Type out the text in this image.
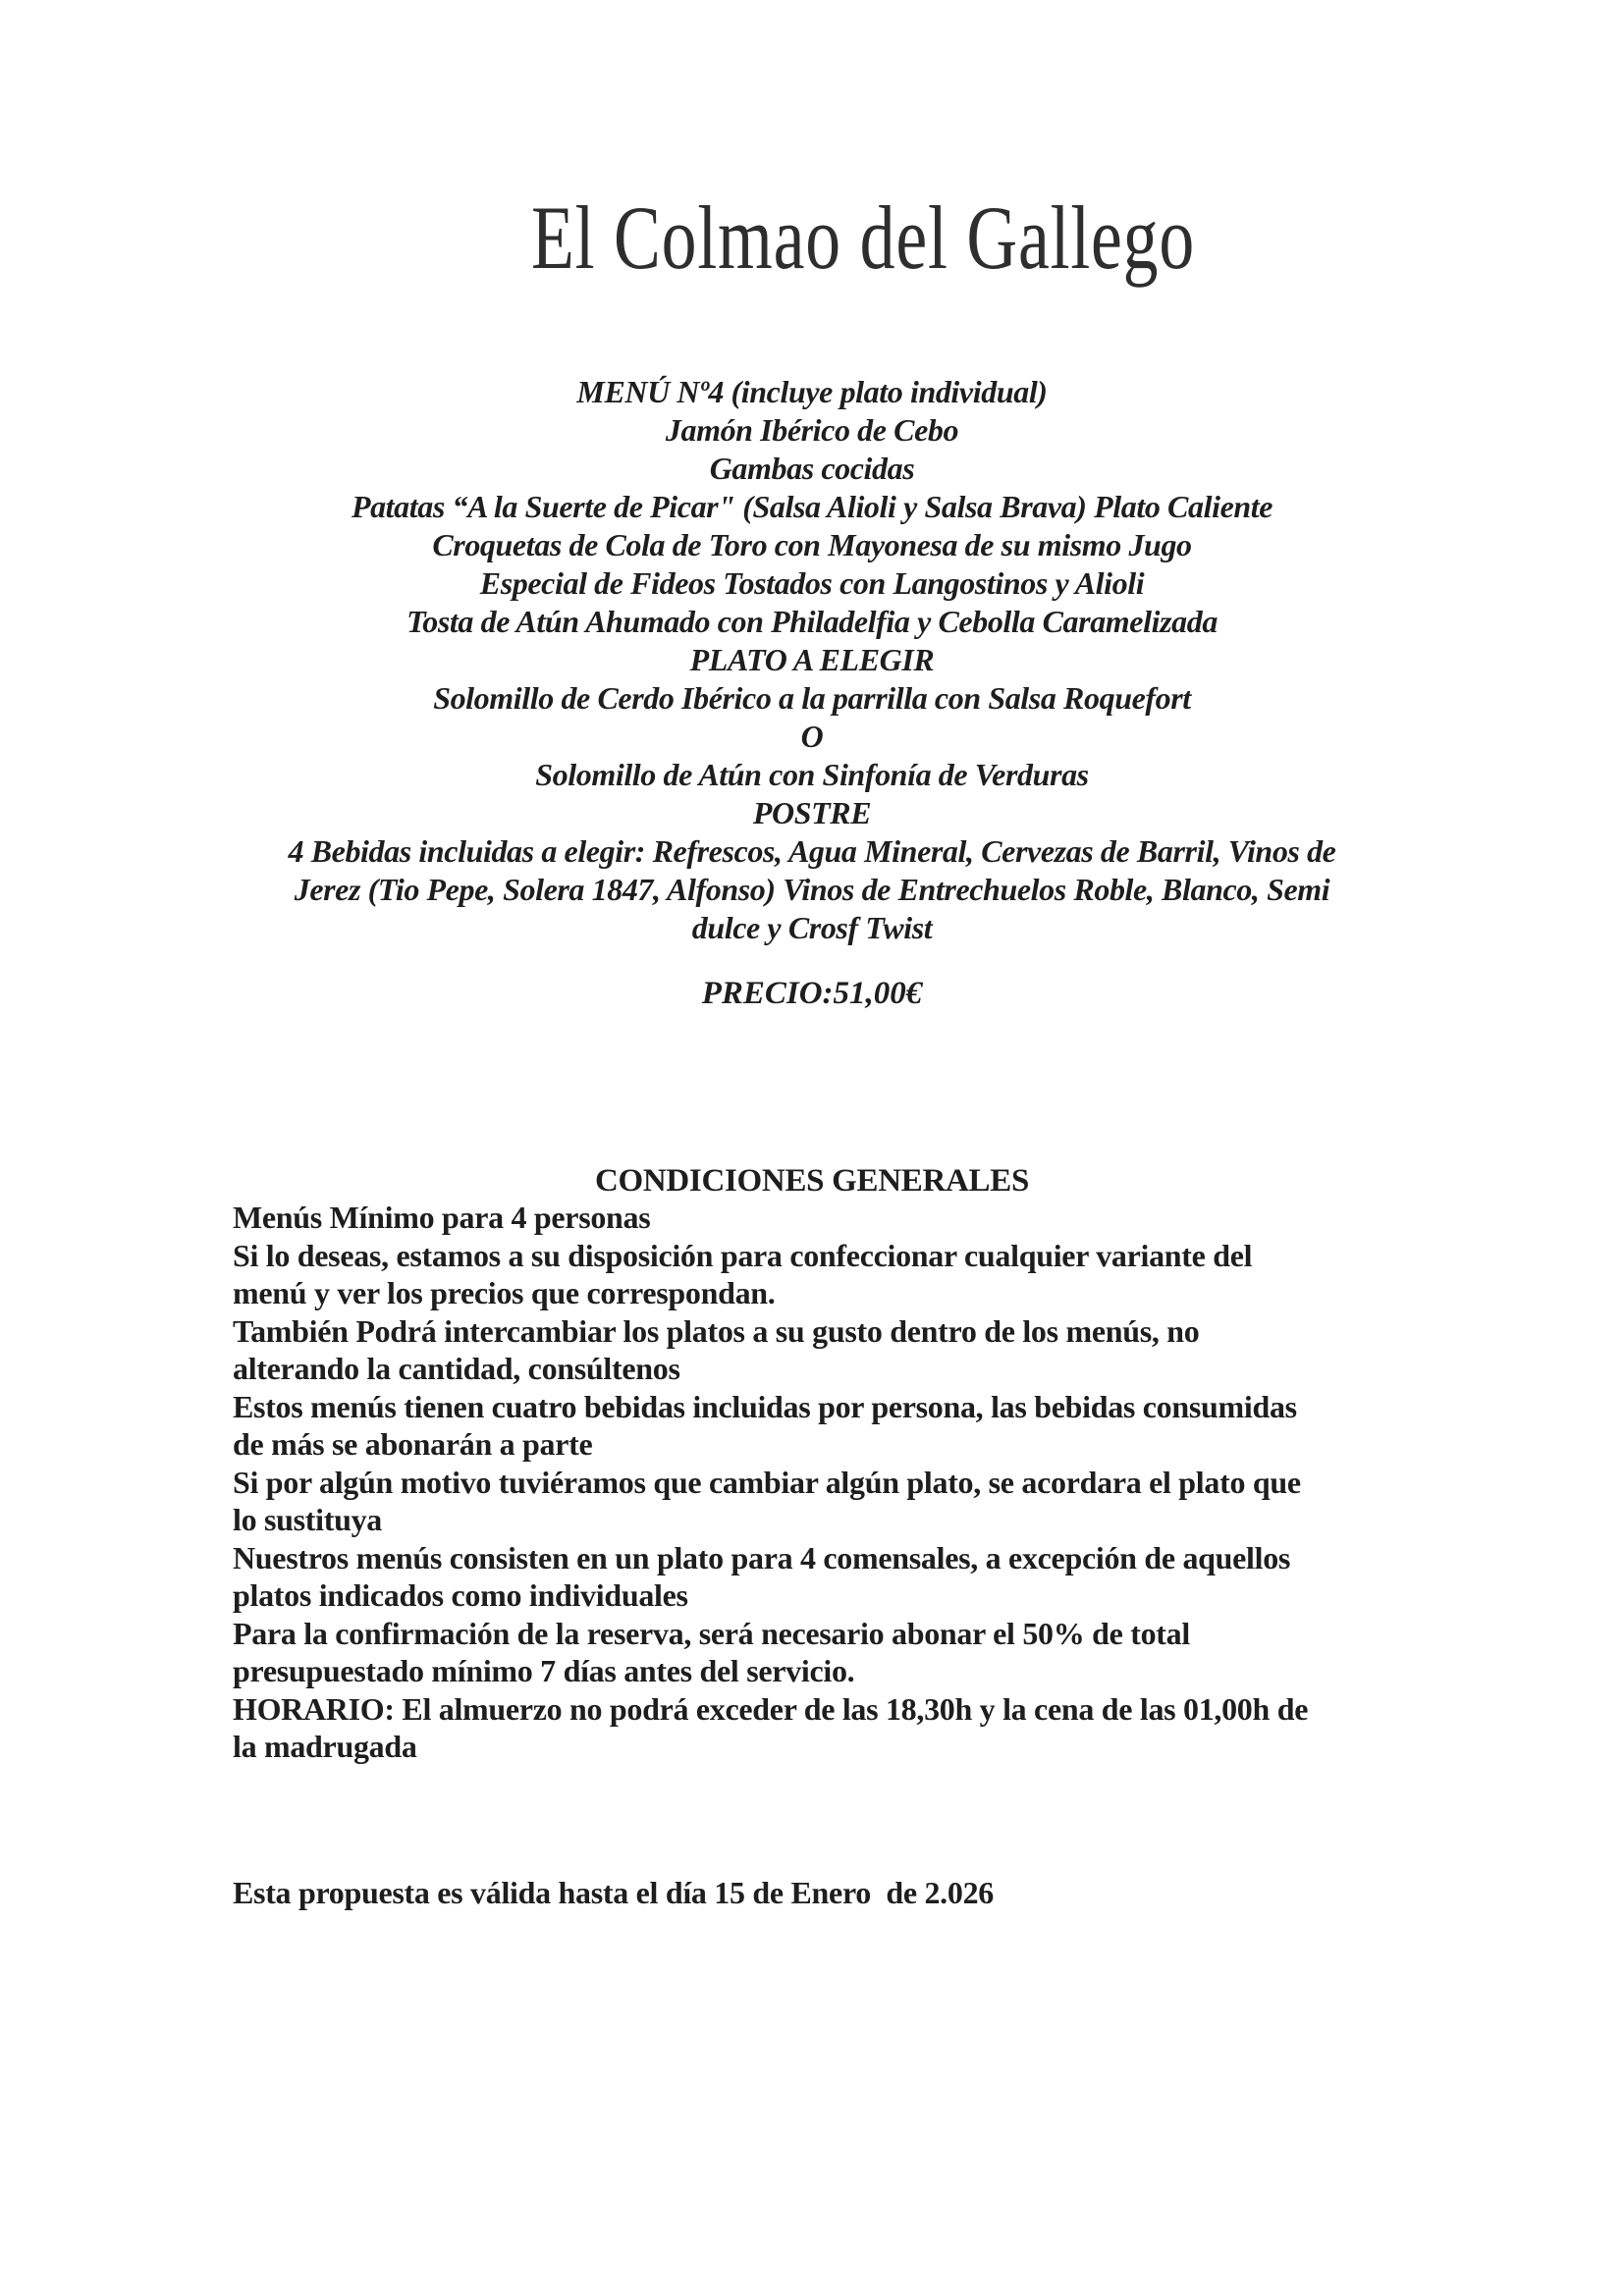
El Colmao del Gallego
MENÚ Nº4 (incluye plato individual)
Jamón Ibérico de Cebo
Gambas cocidas
Patatas “A la Suerte de Picar" (Salsa Alioli y Salsa Brava) Plato Caliente
Croquetas de Cola de Toro con Mayonesa de su mismo Jugo
Especial de Fideos Tostados con Langostinos y Alioli
Tosta de Atún Ahumado con Philadelfia y Cebolla Caramelizada
PLATO A ELEGIR
Solomillo de Cerdo Ibérico a la parrilla con Salsa Roquefort
O
Solomillo de Atún con Sinfonía de Verduras
POSTRE
4 Bebidas incluidas a elegir: Refrescos, Agua Mineral, Cervezas de Barril, Vinos de
Jerez (Tio Pepe, Solera 1847, Alfonso) Vinos de Entrechuelos Roble, Blanco, Semi
dulce y Crosf Twist
PRECIO:51,00€
CONDICIONES GENERALES
Menús Mínimo para 4 personas
Si lo deseas, estamos a su disposición para confeccionar cualquier variante del
menú y ver los precios que correspondan.
También Podrá intercambiar los platos a su gusto dentro de los menús, no
alterando la cantidad, consúltenos
Estos menús tienen cuatro bebidas incluidas por persona, las bebidas consumidas
de más se abonarán a parte
Si por algún motivo tuviéramos que cambiar algún plato, se acordara el plato que
lo sustituya
Nuestros menús consisten en un plato para 4 comensales, a excepción de aquellos
platos indicados como individuales
Para la confirmación de la reserva, será necesario abonar el 50% de total
presupuestado mínimo 7 días antes del servicio.
HORARIO: El almuerzo no podrá exceder de las 18,30h y la cena de las 01,00h de
la madrugada
Esta propuesta es válida hasta el día 15 de Enero  de 2.026
